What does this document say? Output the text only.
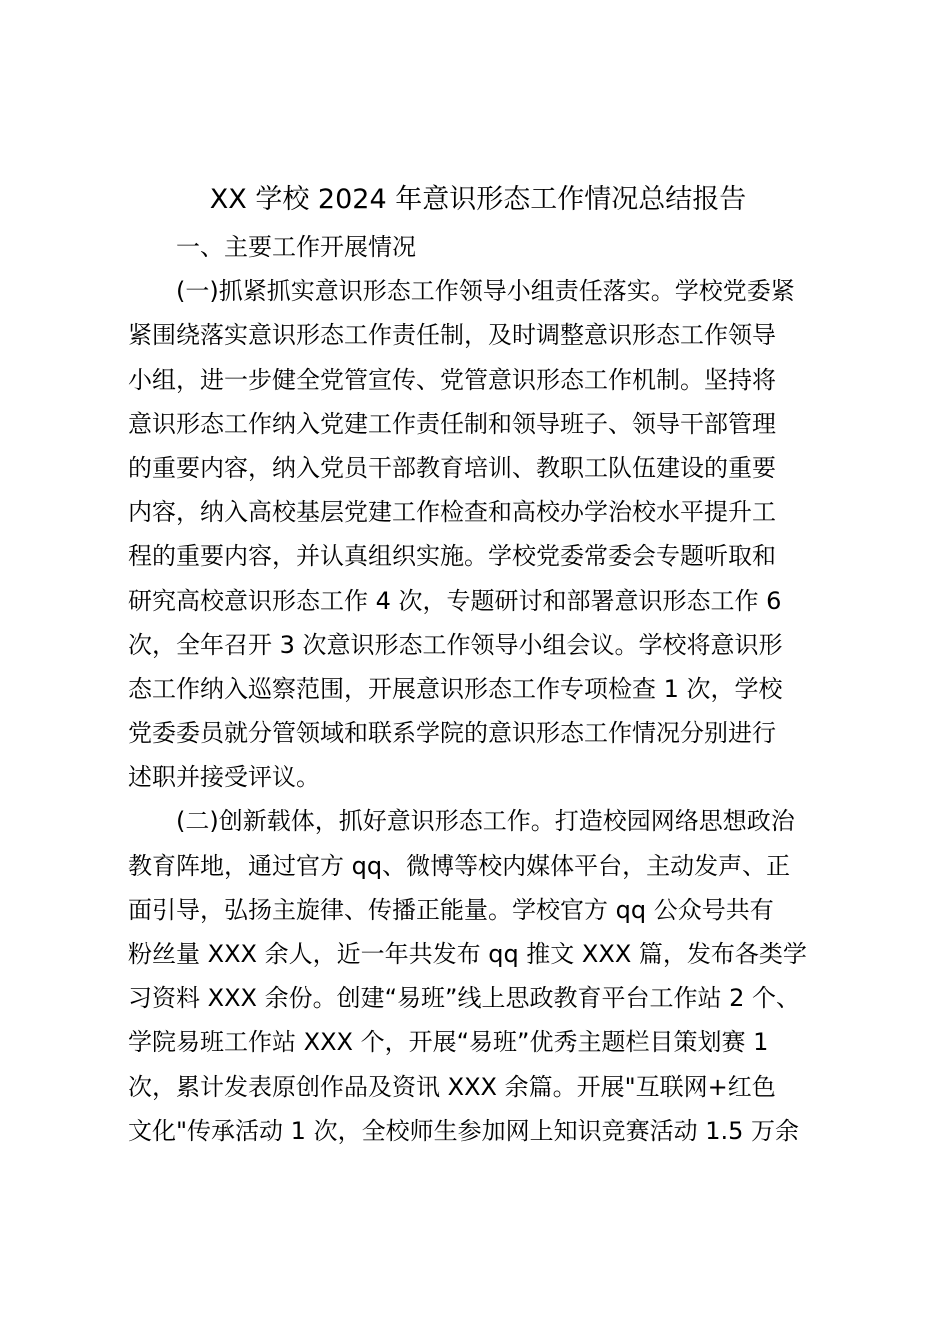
XX 学校 2024 年意识形态工作情况总结报告
一、主要工作开展情况
(一)抓紧抓实意识形态工作领导小组责任落实。学校党委紧
紧围绕落实意识形态工作责任制，及时调整意识形态工作领导
小组，进一步健全党管宣传、党管意识形态工作机制。坚持将
意识形态工作纳入党建工作责任制和领导班子、领导干部管理
的重要内容，纳入党员干部教育培训、教职工队伍建设的重要
内容，纳入高校基层党建工作检查和高校办学治校水平提升工
程的重要内容，并认真组织实施。学校党委常委会专题听取和
研究高校意识形态工作 4 次，专题研讨和部署意识形态工作 6
次，全年召开 3 次意识形态工作领导小组会议。学校将意识形
态工作纳入巡察范围，开展意识形态工作专项检查 1 次，学校
党委委员就分管领域和联系学院的意识形态工作情况分别进行
述职并接受评议。
(二)创新载体，抓好意识形态工作。打造校园网络思想政治
教育阵地，通过官方 qq、微博等校内媒体平台，主动发声、正
面引导，弘扬主旋律、传播正能量。学校官方 qq 公众号共有
粉丝量 XXX 余人，近一年共发布 qq 推文 XXX 篇，发布各类学
习资料 XXX 余份。创建“易班”线上思政教育平台工作站 2 个、
学院易班工作站 XXX 个，开展“易班”优秀主题栏目策划赛 1
次，累计发表原创作品及资讯 XXX 余篇。开展"互联网+红色
文化"传承活动 1 次，全校师生参加网上知识竞赛活动 1.5 万余
